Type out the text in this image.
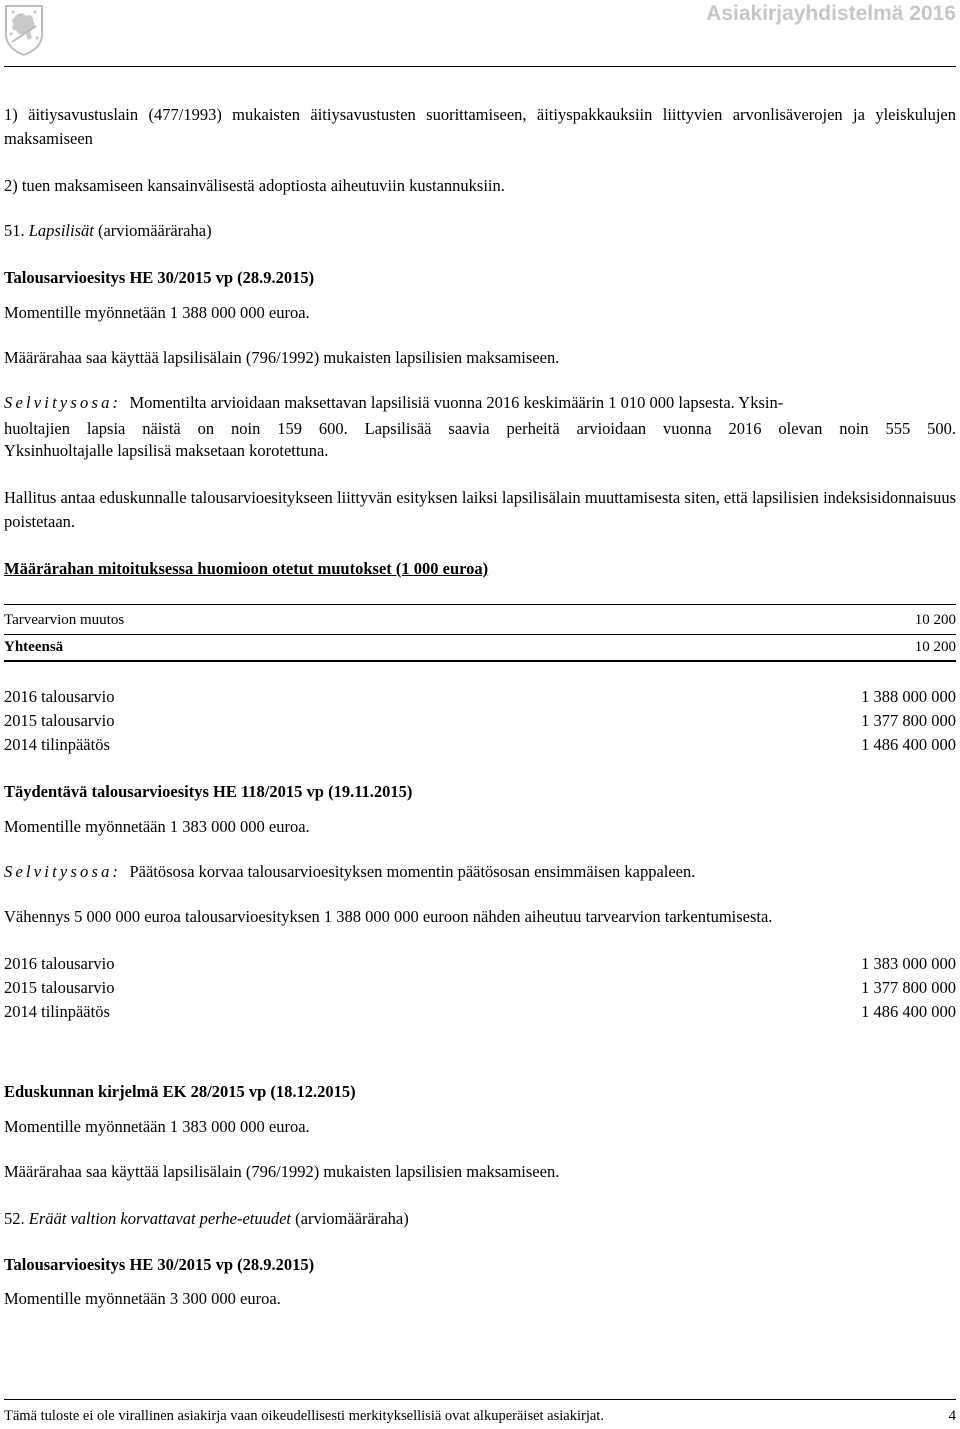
Asiakirjayhdistelmä 2016
1) äitiysavustuslain (477/1993) mukaisten äitiysavustusten suorittamiseen, äitiyspakkauksiin liittyvien arvonlisäverojen ja yleiskulujen maksamiseen
2) tuen maksamiseen kansainvälisestä adoptiosta aiheutuviin kustannuksiin.
51. Lapsilisät (arviomääräraha)
Talousarvioesitys HE 30/2015 vp (28.9.2015)
Momentille myönnetään 1 388 000 000 euroa.
Määrärahaa saa käyttää lapsilisälain (796/1992) mukaisten lapsilisien maksamiseen.
Selvitysosa: Momentilta arvioidaan maksettavan lapsilisiä vuonna 2016 keskimäärin 1 010 000 lapsesta. Yksin-
huoltajien lapsia näistä on noin 159 600. Lapsilisää saavia perheitä arvioidaan vuonna 2016 olevan noin 555 500.
Yksinhuoltajalle lapsilisä maksetaan korotettuna.
Hallitus antaa eduskunnalle talousarvioesitykseen liittyvän esityksen laiksi lapsilisälain muuttamisesta siten, että lapsilisien indeksisidonnaisuus poistetaan.
Määrärahan mitoituksessa huomioon otetut muutokset (1 000 euroa)
Tarvearvion muutos	10 200
Yhteensä	10 200
2016 talousarvio	1 388 000 000
2015 talousarvio	1 377 800 000
2014 tilinpäätös	1 486 400 000
Täydentävä talousarvioesitys HE 118/2015 vp (19.11.2015)
Momentille myönnetään 1 383 000 000 euroa.
Selvitysosa: Päätösosa korvaa talousarvioesityksen momentin päätösosan ensimmäisen kappaleen.
Vähennys 5 000 000 euroa talousarvioesityksen 1 388 000 000 euroon nähden aiheutuu tarvearvion tarkentumisesta.
2016 talousarvio	1 383 000 000
2015 talousarvio	1 377 800 000
2014 tilinpäätös	1 486 400 000
Eduskunnan kirjelmä EK 28/2015 vp (18.12.2015)
Momentille myönnetään 1 383 000 000 euroa.
Määrärahaa saa käyttää lapsilisälain (796/1992) mukaisten lapsilisien maksamiseen.
52. Eräät valtion korvattavat perhe-etuudet (arviomääräraha)
Talousarvioesitys HE 30/2015 vp (28.9.2015)
Momentille myönnetään 3 300 000 euroa.
Tämä tuloste ei ole virallinen asiakirja vaan oikeudellisesti merkityksellisiä ovat alkuperäiset asiakirjat.	4
